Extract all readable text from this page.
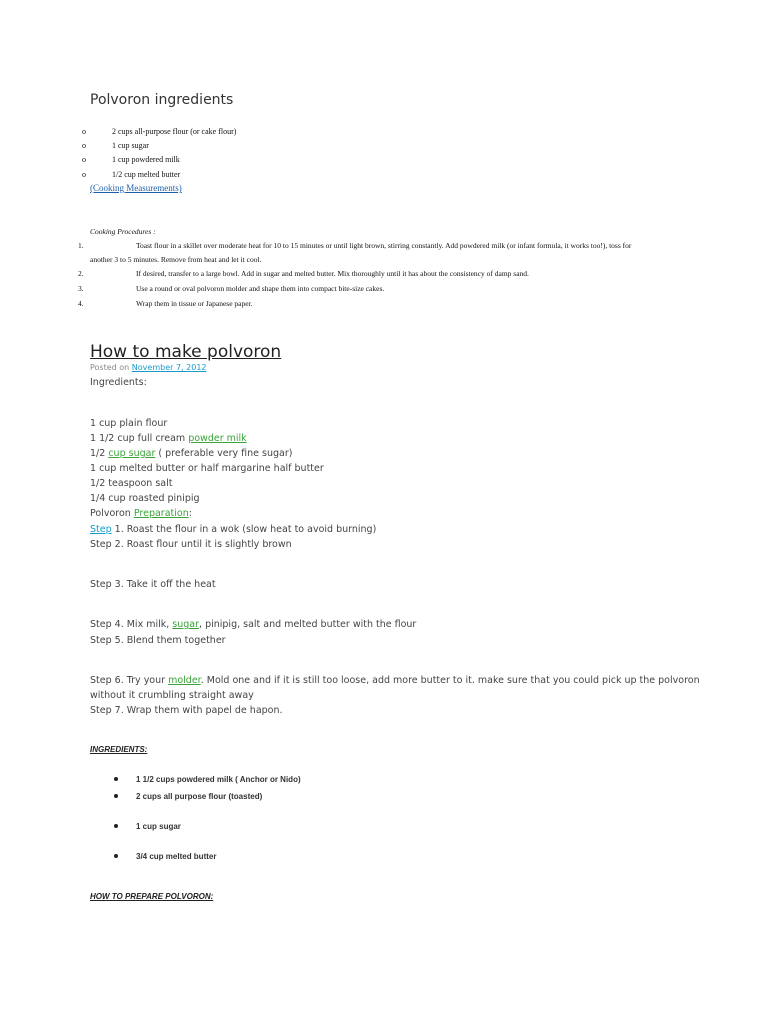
Polvoron ingredients
o	2 cups all-purpose flour (or cake flour)
o	1 cup sugar
o	1 cup powdered milk
o	1/2 cup melted butter
(Cooking Measurements)
Cooking Procedures :
1.	Toast flour in a skillet over moderate heat for 10 to 15 minutes or until light brown, stirring constantly. Add powdered milk (or infant formula, it works too!), toss for
another 3 to 5 minutes. Remove from heat and let it cool.
2.	If desired, transfer to a large bowl. Add in sugar and melted butter. Mix thoroughly until it has about the consistency of damp sand.
3.	Use a round or oval polvoron molder and shape them into compact bite-size cakes.
4.	Wrap them in tissue or Japanese paper.
How to make polvoron
Posted on November 7, 2012
Ingredients:
1 cup plain flour
1 1/2 cup full cream powder milk
1/2 cup sugar ( preferable very fine sugar)
1 cup melted butter or half margarine half butter
1/2 teaspoon salt
1/4 cup roasted pinipig
Polvoron Preparation:
Step 1. Roast the flour in a wok (slow heat to avoid burning)
Step 2. Roast flour until it is slightly brown
Step 3. Take it off the heat
Step 4. Mix milk, sugar, pinipig, salt and melted butter with the flour
Step 5. Blend them together
Step 6. Try your molder. Mold one and if it is still too loose, add more butter to it. make sure that you could pick up the polvoron
without it crumbling straight away
Step 7. Wrap them with papel de hapon.
INGREDIENTS:
1 1/2 cups powdered milk ( Anchor or Nido)
2 cups all purpose flour (toasted)
1 cup sugar
3/4 cup melted butter
HOW TO PREPARE POLVORON:
